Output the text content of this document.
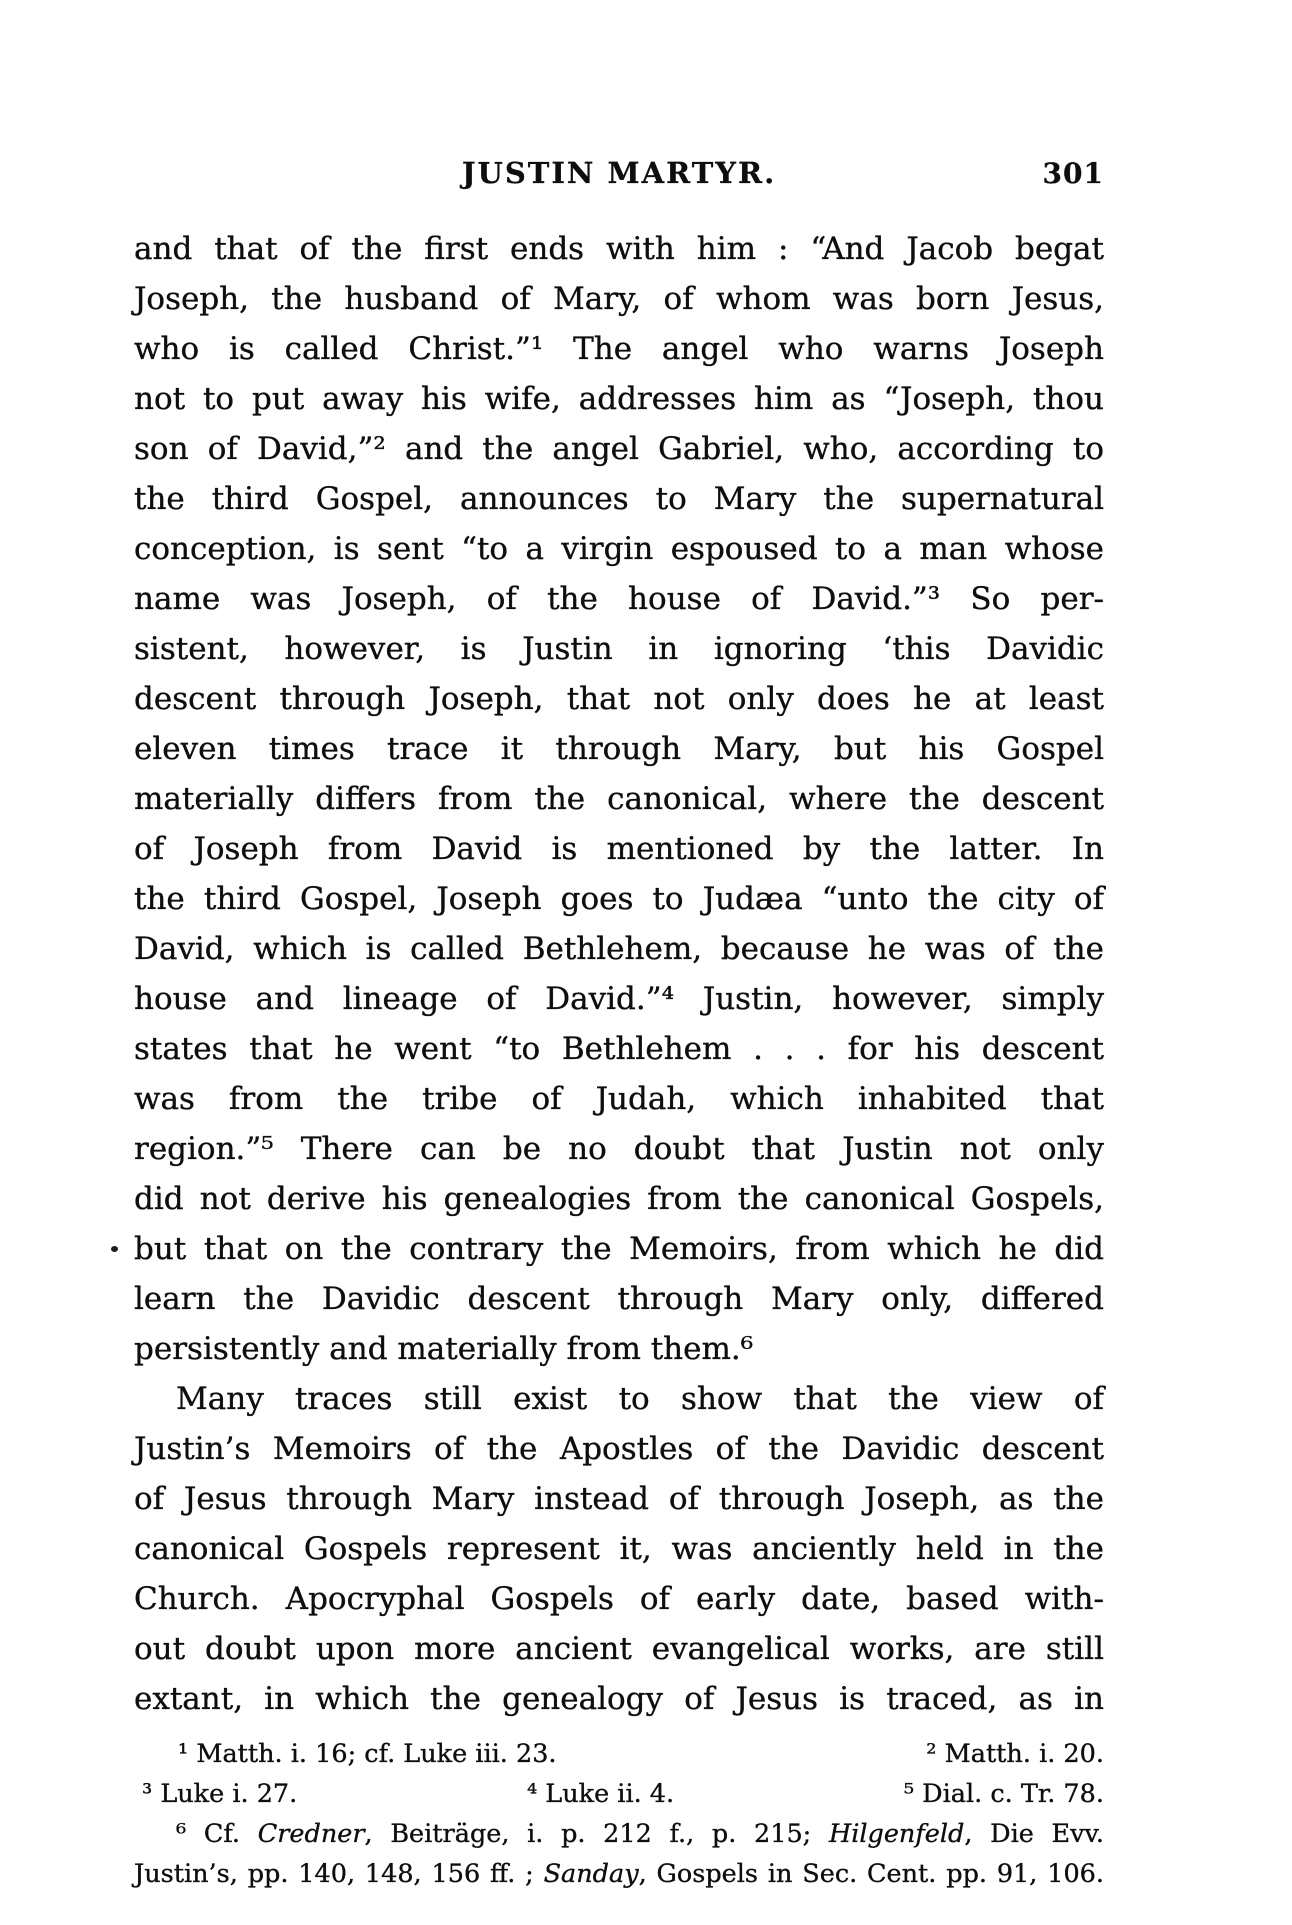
JUSTIN MARTYR.	301
and that of the first ends with him : “And Jacob begat
Joseph, the husband of Mary, of whom was born Jesus,
who is called Christ.”¹ The angel who warns Joseph
not to put away his wife, addresses him as “Joseph, thou
son of David,”² and the angel Gabriel, who, according to
the third Gospel, announces to Mary the supernatural
conception, is sent “to a virgin espoused to a man whose
name was Joseph, of the house of David.”³ So per-
sistent, however, is Justin in ignoring ‘this Davidic
descent through Joseph, that not only does he at least
eleven times trace it through Mary, but his Gospel
materially differs from the canonical, where the descent
of Joseph from David is mentioned by the latter. In
the third Gospel, Joseph goes to Judæa “unto the city of
David, which is called Bethlehem, because he was of the
house and lineage of David.”⁴ Justin, however, simply
states that he went “to Bethlehem . . . for his descent
was from the tribe of Judah, which inhabited that
region.”⁵ There can be no doubt that Justin not only
did not derive his genealogies from the canonical Gospels,
but that on the contrary the Memoirs, from which he did
learn the Davidic descent through Mary only, differed
persistently and materially from them.⁶
Many traces still exist to show that the view of
Justin’s Memoirs of the Apostles of the Davidic descent
of Jesus through Mary instead of through Joseph, as the
canonical Gospels represent it, was anciently held in the
Church. Apocryphal Gospels of early date, based with-
out doubt upon more ancient evangelical works, are still
extant, in which the genealogy of Jesus is traced, as in
¹ Matth. i. 16; cf. Luke iii. 23.	² Matth. i. 20.
³ Luke i. 27.	⁴ Luke ii. 4.	⁵ Dial. c. Tr. 78.
⁶ Cf. Credner, Beiträge, i. p. 212 f., p. 215; Hilgenfeld, Die Evv.
Justin’s, pp. 140, 148, 156 ff. ; Sanday, Gospels in Sec. Cent. pp. 91, 106.
